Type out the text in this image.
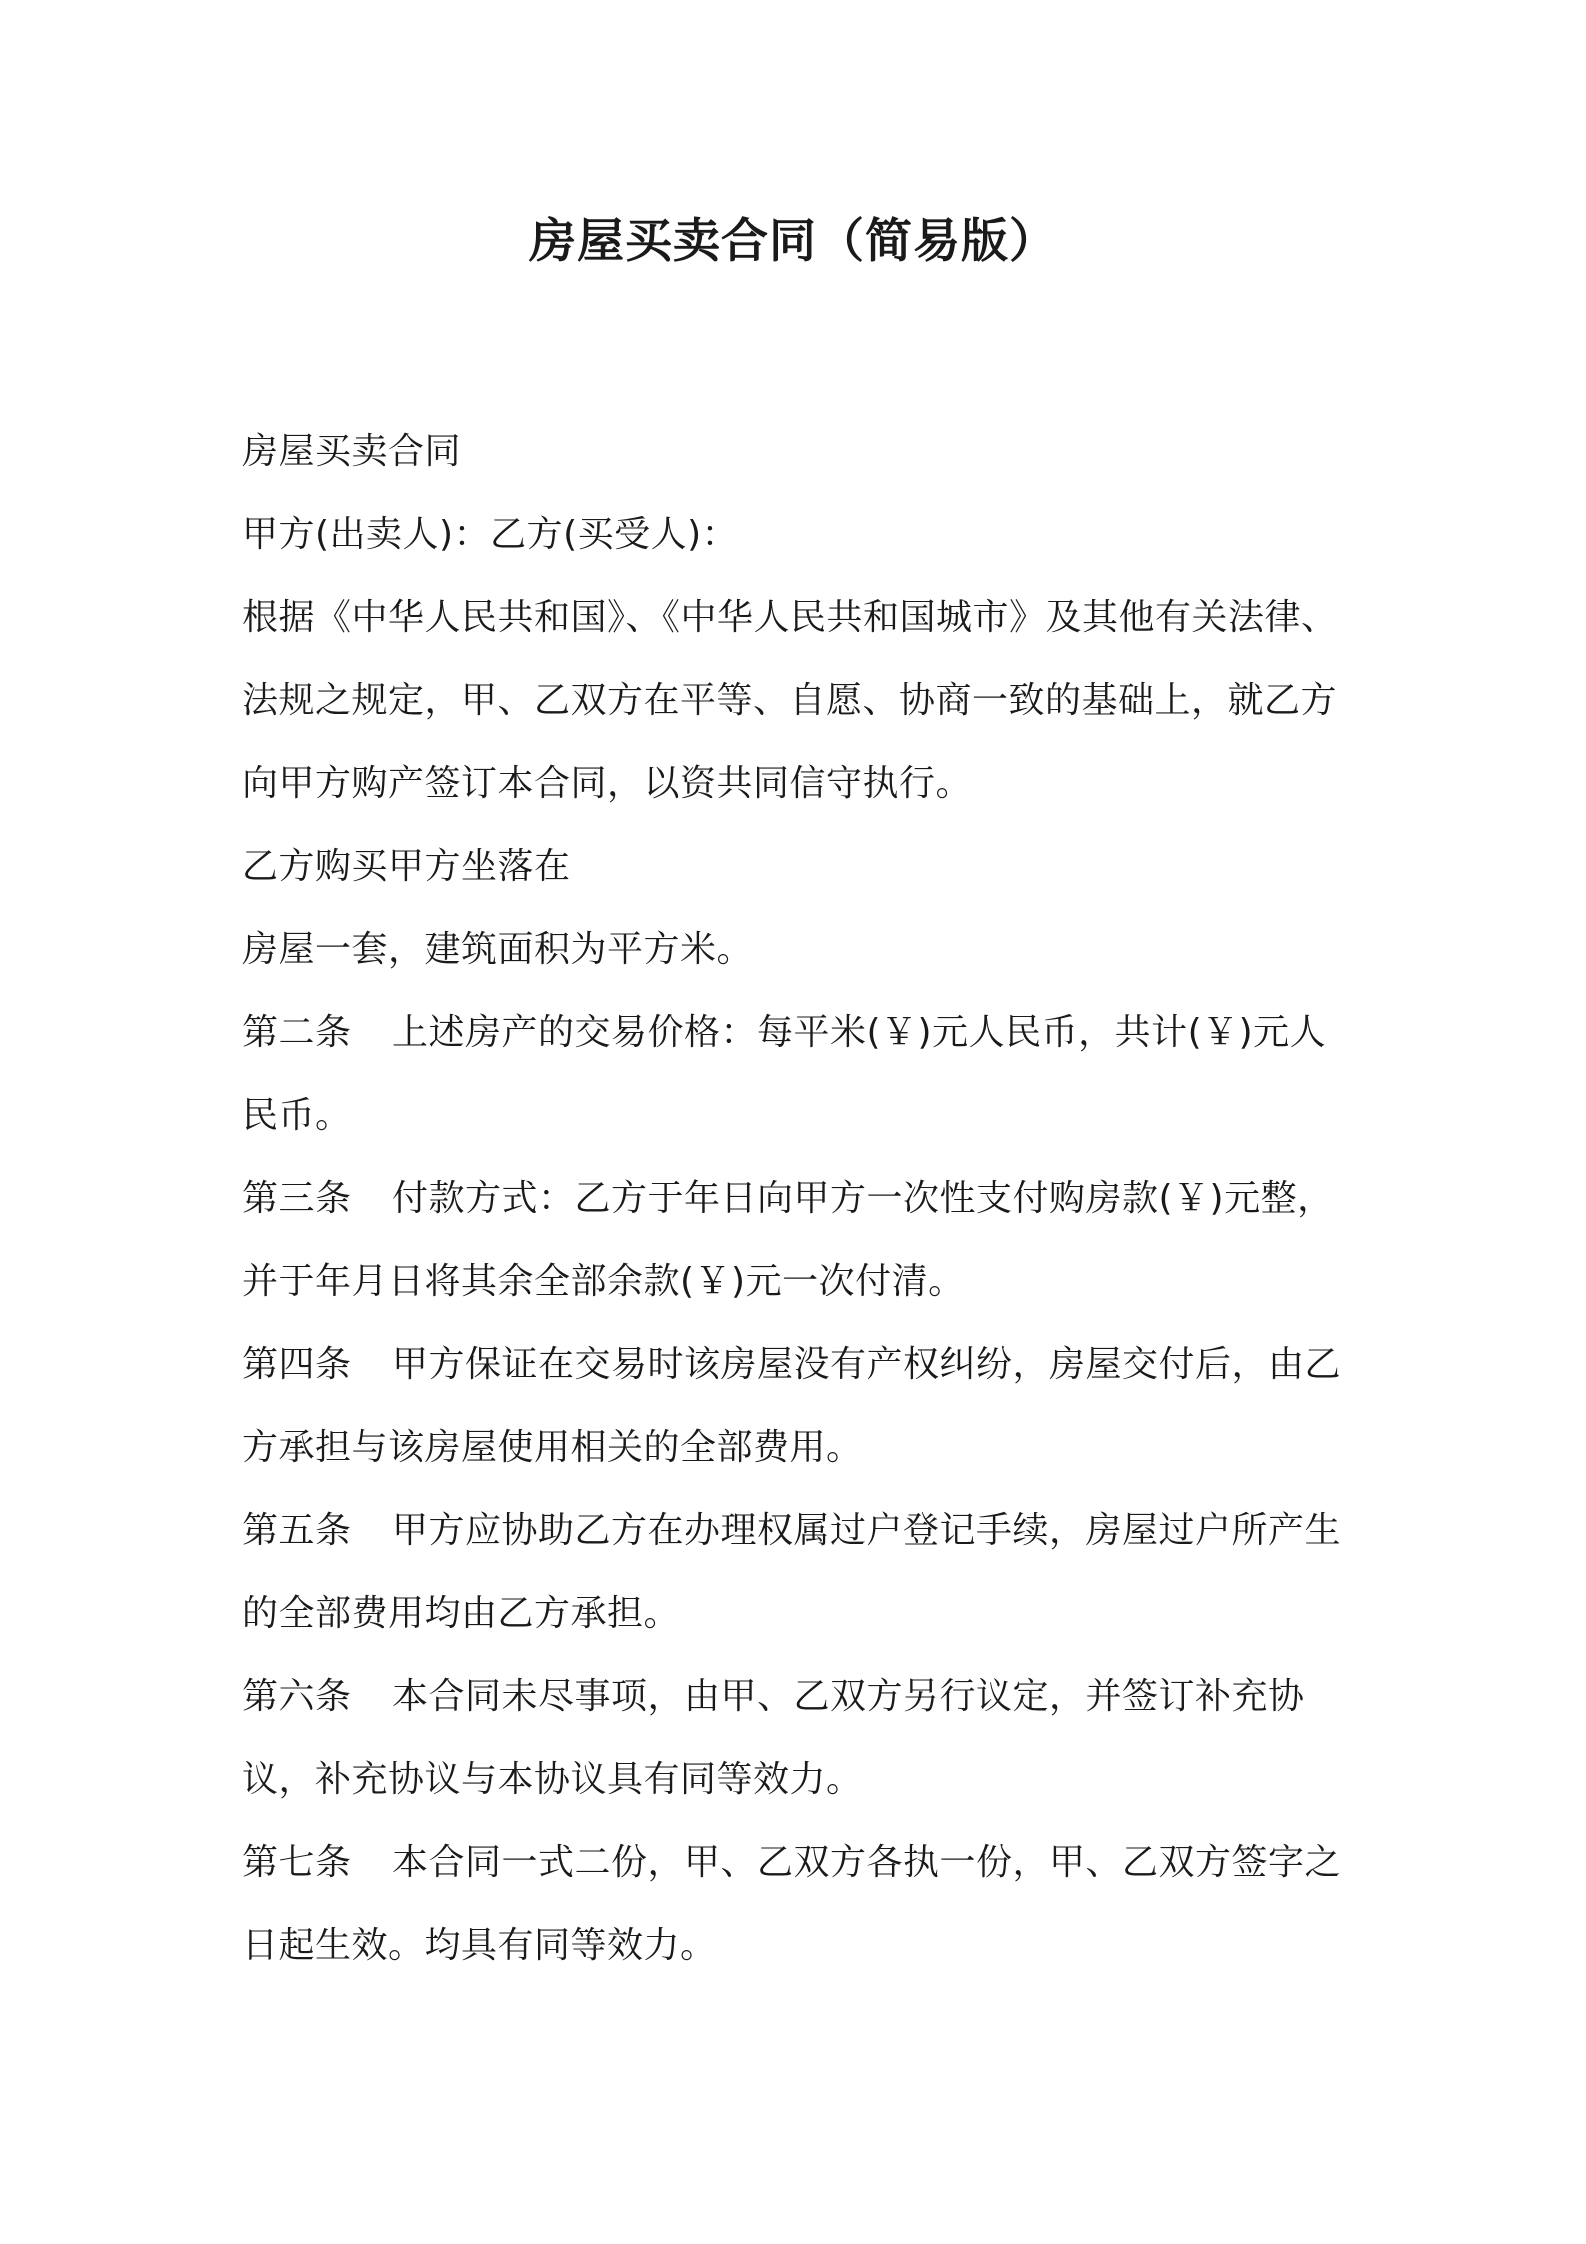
房屋买卖合同（简易版）

房屋买卖合同

甲方(出卖人)：乙方(买受人)：

根据《中华人民共和国》、《中华人民共和国城市》及其他有关法律、法规之规定，甲、乙双方在平等、自愿、协商一致的基础上，就乙方向甲方购产签订本合同，以资共同信守执行。

乙方购买甲方坐落在

房屋一套，建筑面积为平方米。

第二条 上述房产的交易价格：每平米(￥)元人民币，共计(￥)元人民币。

第三条 付款方式：乙方于年日向甲方一次性支付购房款(￥)元整，并于年月日将其余全部余款(￥)元一次付清。

第四条 甲方保证在交易时该房屋没有产权纠纷，房屋交付后，由乙方承担与该房屋使用相关的全部费用。

第五条 甲方应协助乙方在办理权属过户登记手续，房屋过户所产生的全部费用均由乙方承担。

第六条 本合同未尽事项，由甲、乙双方另行议定，并签订补充协议，补充协议与本协议具有同等效力。

第七条 本合同一式二份，甲、乙双方各执一份，甲、乙双方签字之日起生效。均具有同等效力。
